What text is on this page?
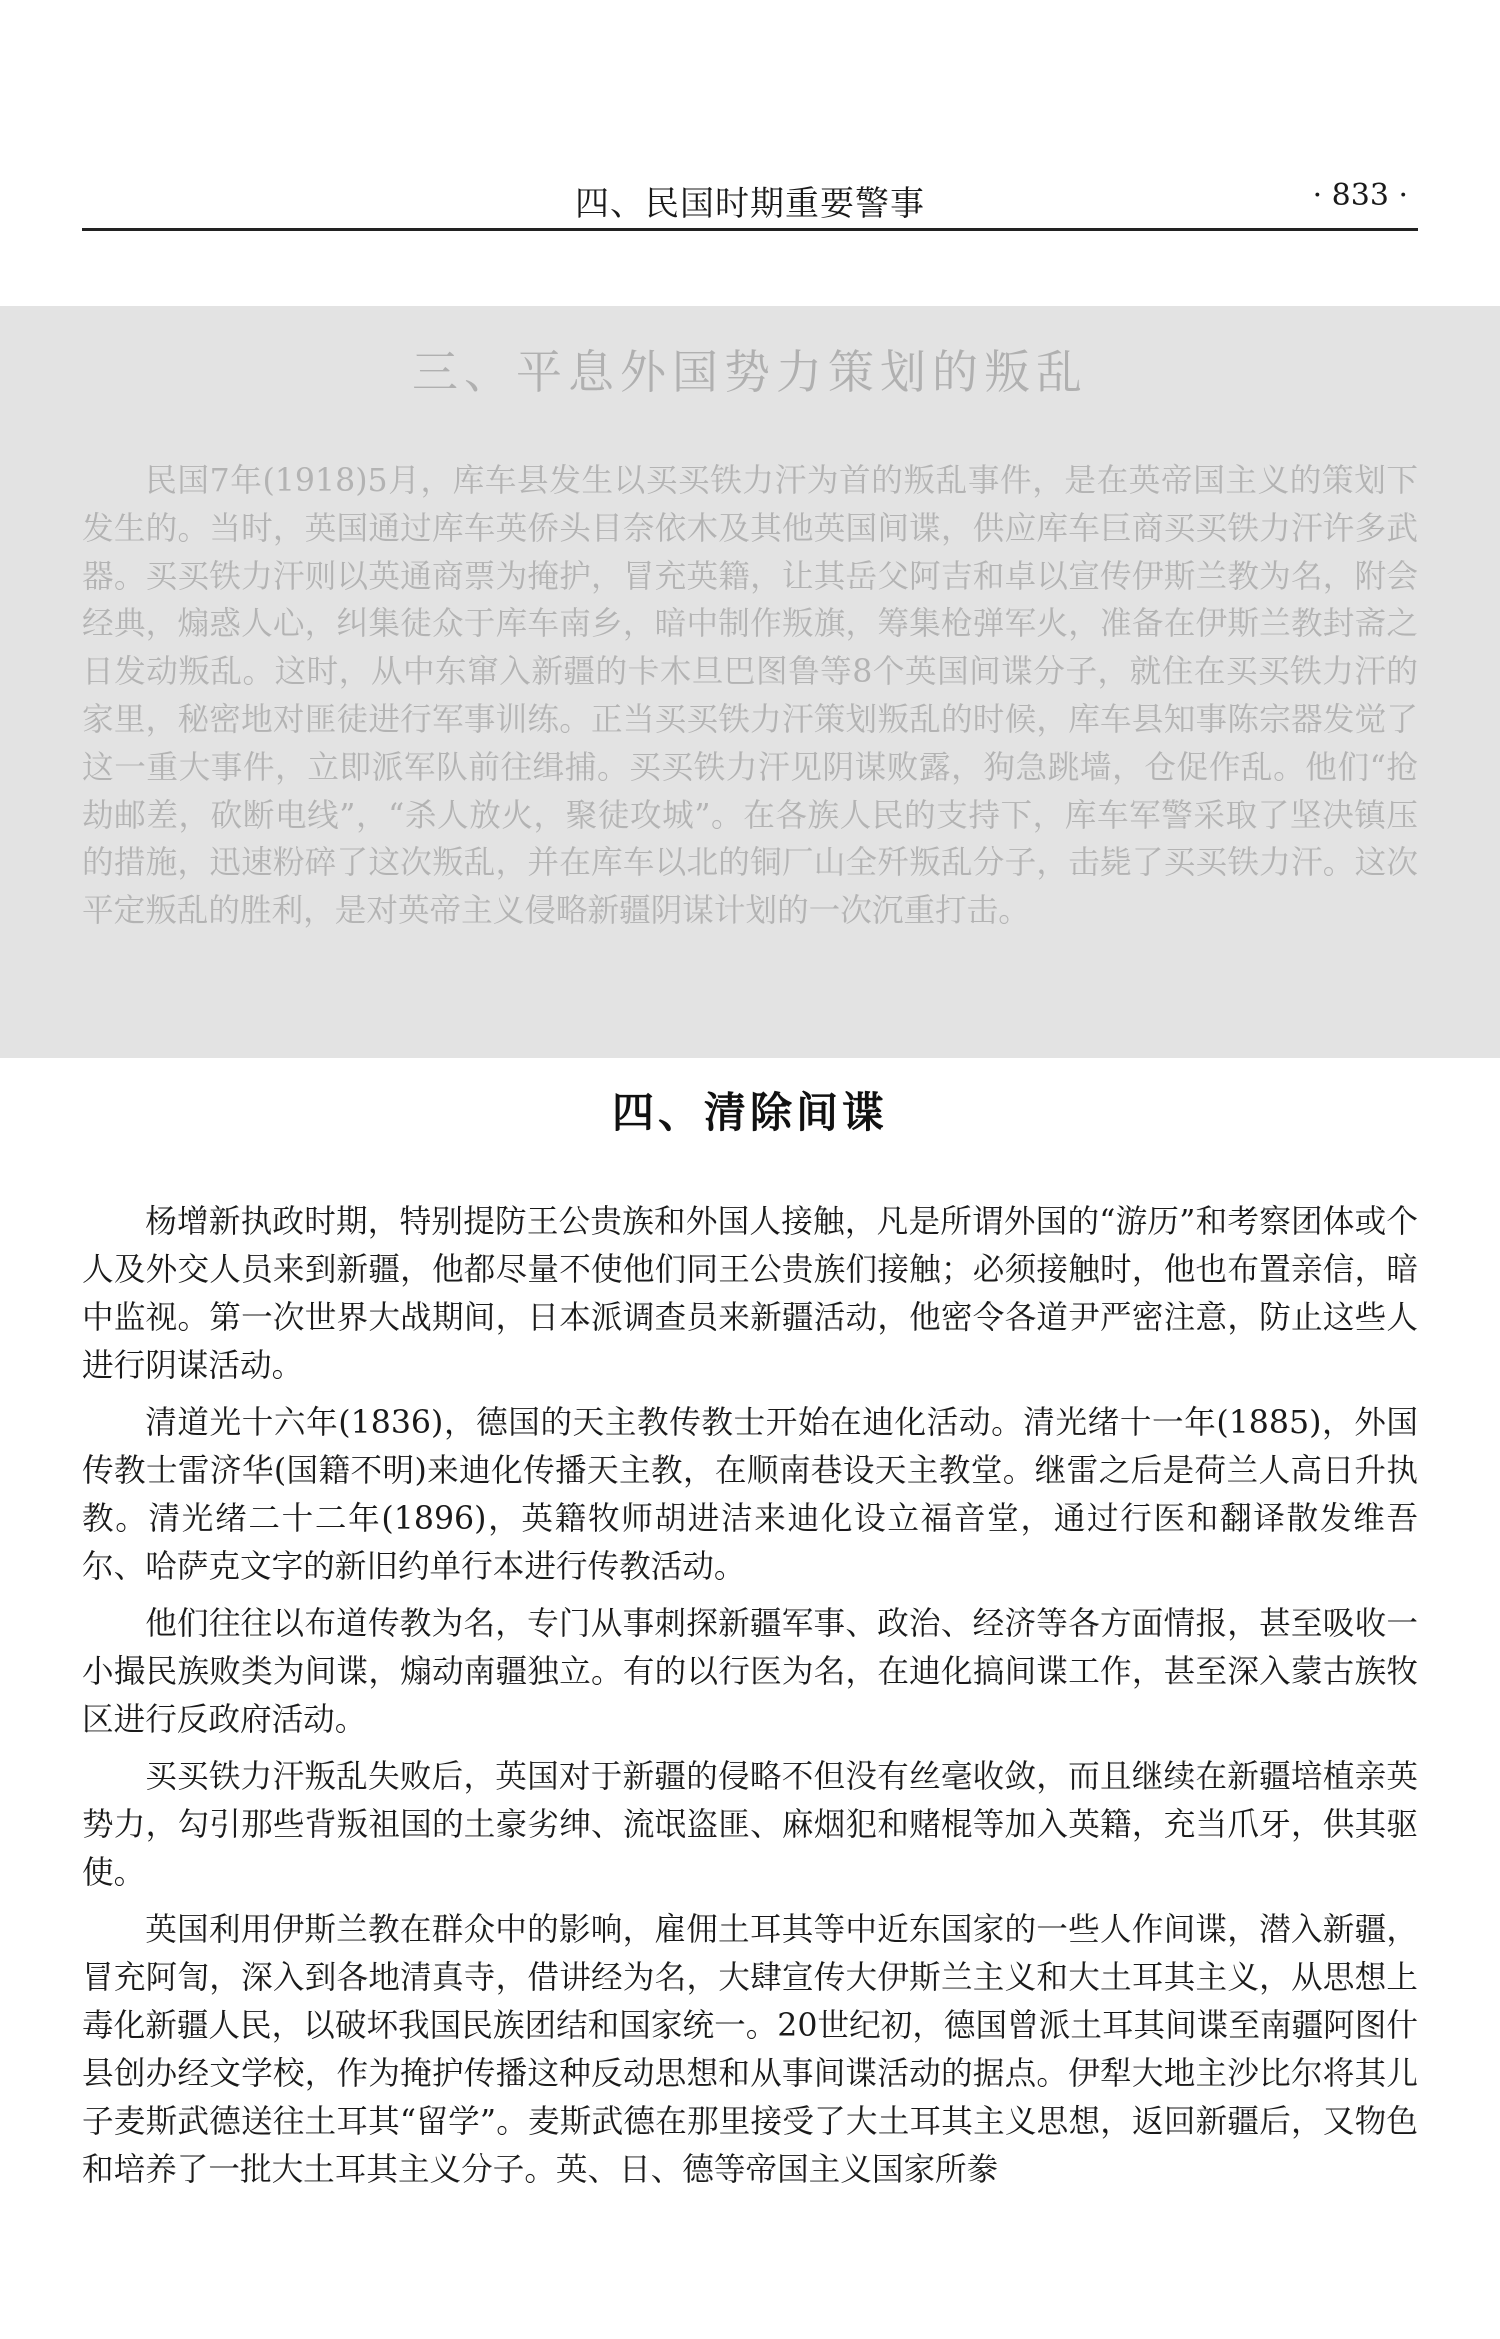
四、民国时期重要警事	· 833 ·
三、平息外国势力策划的叛乱

民国7年(1918)5月，库车县发生以买买铁力汗为首的叛乱事件，是在英帝国主义的策划下发生的。当时，英国通过库车英侨头目奈依木及其他英国间谍，供应库车巨商买买铁力汗许多武器。买买铁力汗则以英通商票为掩护，冒充英籍，让其岳父阿吉和卓以宣传伊斯兰教为名，附会经典，煽惑人心，纠集徒众于库车南乡，暗中制作叛旗，筹集枪弹军火，准备在伊斯兰教封斋之日发动叛乱。这时，从中东窜入新疆的卡木旦巴图鲁等8个英国间谍分子，就住在买买铁力汗的家里，秘密地对匪徒进行军事训练。正当买买铁力汗策划叛乱的时候，库车县知事陈宗器发觉了这一重大事件，立即派军队前往缉捕。买买铁力汗见阴谋败露，狗急跳墙，仓促作乱。他们“抢劫邮差，砍断电线”，“杀人放火，聚徒攻城”。在各族人民的支持下，库车军警采取了坚决镇压的措施，迅速粉碎了这次叛乱，并在库车以北的铜厂山全歼叛乱分子，击毙了买买铁力汗。这次平定叛乱的胜利，是对英帝主义侵略新疆阴谋计划的一次沉重打击。

四、清除间谍

杨增新执政时期，特别提防王公贵族和外国人接触，凡是所谓外国的“游历”和考察团体或个人及外交人员来到新疆，他都尽量不使他们同王公贵族们接触；必须接触时，他也布置亲信，暗中监视。第一次世界大战期间，日本派调查员来新疆活动，他密令各道尹严密注意，防止这些人进行阴谋活动。

清道光十六年(1836)，德国的天主教传教士开始在迪化活动。清光绪十一年(1885)，外国传教士雷济华(国籍不明)来迪化传播天主教，在顺南巷设天主教堂。继雷之后是荷兰人高日升执教。清光绪二十二年(1896)，英籍牧师胡进洁来迪化设立福音堂，通过行医和翻译散发维吾尔、哈萨克文字的新旧约单行本进行传教活动。

他们往往以布道传教为名，专门从事刺探新疆军事、政治、经济等各方面情报，甚至吸收一小撮民族败类为间谍，煽动南疆独立。有的以行医为名，在迪化搞间谍工作，甚至深入蒙古族牧区进行反政府活动。

买买铁力汗叛乱失败后，英国对于新疆的侵略不但没有丝毫收敛，而且继续在新疆培植亲英势力，勾引那些背叛祖国的土豪劣绅、流氓盗匪、麻烟犯和赌棍等加入英籍，充当爪牙，供其驱使。

英国利用伊斯兰教在群众中的影响，雇佣土耳其等中近东国家的一些人作间谍，潜入新疆，冒充阿訇，深入到各地清真寺，借讲经为名，大肆宣传大伊斯兰主义和大土耳其主义，从思想上毒化新疆人民，以破坏我国民族团结和国家统一。20世纪初，德国曾派土耳其间谍至南疆阿图什县创办经文学校，作为掩护传播这种反动思想和从事间谍活动的据点。伊犁大地主沙比尔将其儿子麦斯武德送往土耳其“留学”。麦斯武德在那里接受了大土耳其主义思想，返回新疆后，又物色和培养了一批大土耳其主义分子。英、日、德等帝国主义国家所豢
